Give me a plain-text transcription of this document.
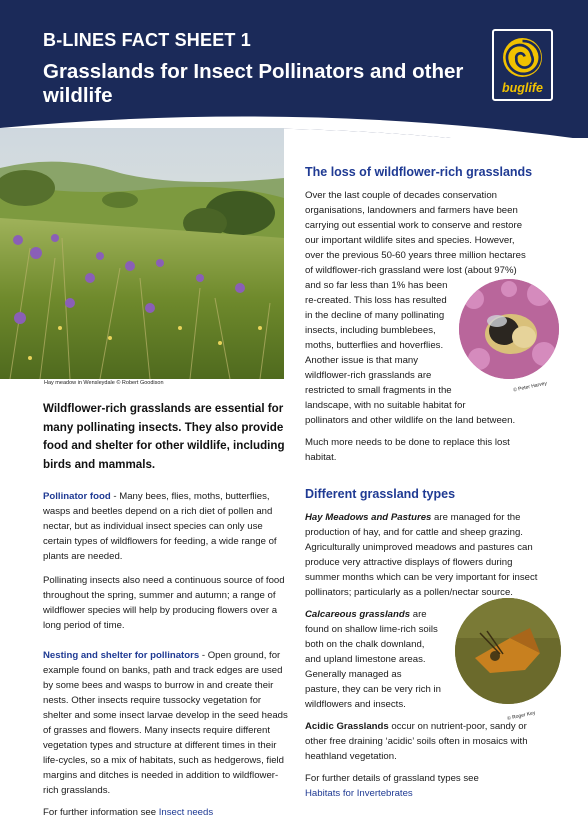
B-LINES FACT SHEET 1
Grasslands for Insect Pollinators and other wildlife	buglife
Hay meadow in Wensleydale © Robert Goodison

Wildflower-rich grasslands are essential for many pollinating insects. They also provide food and shelter for other wildlife, including birds and mammals.

Pollinator food - Many bees, flies, moths, butterflies, wasps and beetles depend on a rich diet of pollen and nectar, but as individual insect species can only use certain types of wildflowers for feeding, a wide range of plants are needed.

Pollinating insects also need a continuous source of food throughout the spring, summer and autumn; a range of wildflower species will help by producing flowers over a long period of time.

Nesting and shelter for pollinators - Open ground, for example found on banks, path and track edges are used by some bees and wasps to burrow in and create their nests. Other insects require tussocky vegetation for shelter and some insect larvae develop in the seed heads of grasses and flowers. Many insects require different vegetation types and structure at different times in their life-cycles, so a mix of habitats, such as hedgerows, field margins and ditches is needed in addition to wildflower-rich grasslands.

For further information see Insect needs

The loss of wildflower-rich grasslands

Over the last couple of decades conservation
organisations, landowners and farmers have been
carrying out essential work to conserve and restore
our important wildlife sites and species. However,
over the previous 50-60 years three million hectares
of wildflower-rich grassland were lost (about 97%)
and so far less than 1% has been
re-created. This loss has resulted
in the decline of many pollinating
insects, including bumblebees,
moths, butterflies and hoverflies.
Another issue is that many
wildflower-rich grasslands are
restricted to small fragments in the
landscape, with no suitable habitat for
pollinators and other wildlife on the land between.

Much more needs to be done to replace this lost habitat.

Different grassland types

Hay Meadows and Pastures are managed for the production of hay, and for cattle and sheep grazing. Agriculturally unimproved meadows and pastures can produce very attractive displays of flowers during summer months which can be very important for insect pollinators; particularly as a pollen/nectar source.

Calcareous grasslands are
found on shallow lime-rich soils
both on the chalk downland,
and upland limestone areas.
Generally managed as
pasture, they can be very rich in
wildflowers and insects.

Acidic Grasslands occur on nutrient-poor, sandy or other free draining ‘acidic’ soils often in mosaics with heathland vegetation.

For further details of grassland types see
Habitats for Invertebrates

© Peter Harvey
© Roger Key
